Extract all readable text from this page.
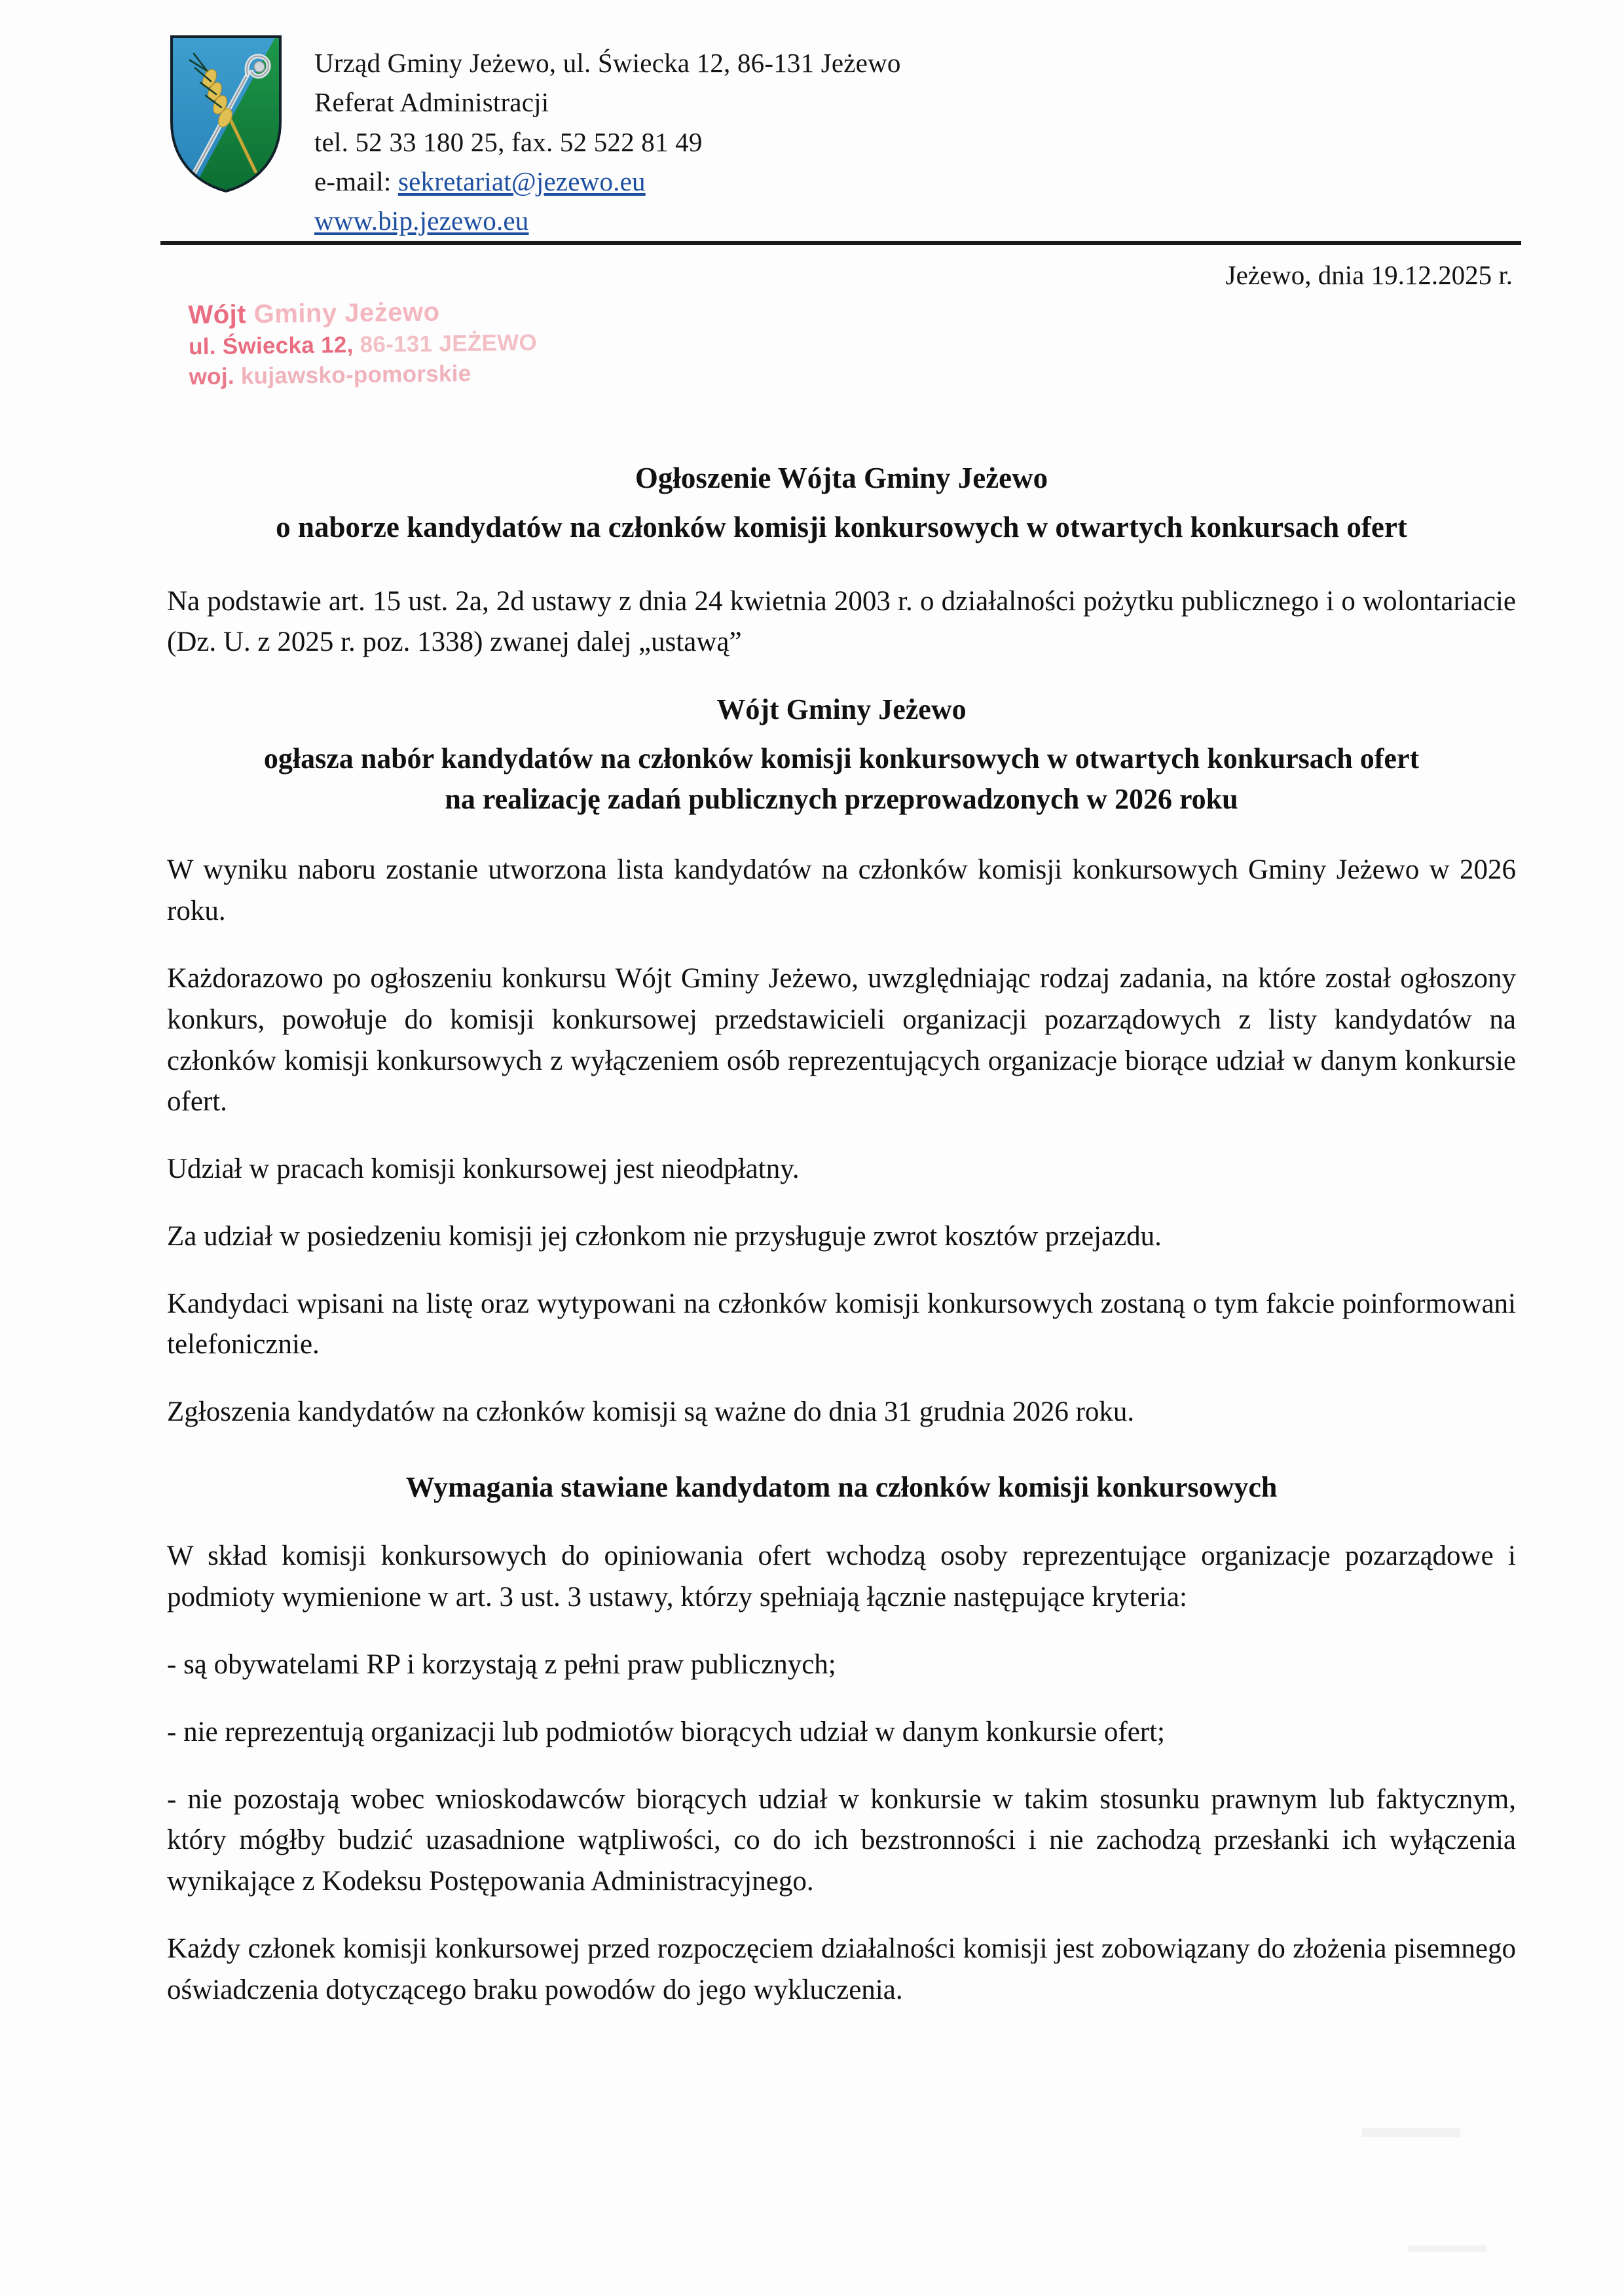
Urząd Gminy Jeżewo, ul. Świecka 12, 86-131 Jeżewo
Referat Administracji
tel. 52 33 180 25, fax. 52 522 81 49
e-mail: sekretariat@jezewo.eu
www.bip.jezewo.eu
Jeżewo, dnia 19.12.2025 r.
Wójt Gminy Jeżewo
ul. Świecka 12, 86-131 JEŻEWO
woj. kujawsko-pomorskie
Ogłoszenie Wójta Gminy Jeżewo
o naborze kandydatów na członków komisji konkursowych w otwartych konkursach ofert

Na podstawie art. 15 ust. 2a, 2d ustawy z dnia 24 kwietnia 2003 r. o działalności pożytku publicznego i o wolontariacie (Dz. U. z 2025 r. poz. 1338) zwanej dalej „ustawą”

Wójt Gminy Jeżewo
ogłasza nabór kandydatów na członków komisji konkursowych w otwartych konkursach ofert
na realizację zadań publicznych przeprowadzonych w 2026 roku

W wyniku naboru zostanie utworzona lista kandydatów na członków komisji konkursowych Gminy Jeżewo w 2026 roku.

Każdorazowo po ogłoszeniu konkursu Wójt Gminy Jeżewo, uwzględniając rodzaj zadania, na które został ogłoszony konkurs, powołuje do komisji konkursowej przedstawicieli organizacji pozarządowych z listy kandydatów na członków komisji konkursowych z wyłączeniem osób reprezentujących organizacje biorące udział w danym konkursie ofert.

Udział w pracach komisji konkursowej jest nieodpłatny.

Za udział w posiedzeniu komisji jej członkom nie przysługuje zwrot kosztów przejazdu.

Kandydaci wpisani na listę oraz wytypowani na członków komisji konkursowych zostaną o tym fakcie poinformowani telefonicznie.

Zgłoszenia kandydatów na członków komisji są ważne do dnia 31 grudnia 2026 roku.

Wymagania stawiane kandydatom na członków komisji konkursowych

W skład komisji konkursowych do opiniowania ofert wchodzą osoby reprezentujące organizacje pozarządowe i podmioty wymienione w art. 3 ust. 3 ustawy, którzy spełniają łącznie następujące kryteria:

- są obywatelami RP i korzystają z pełni praw publicznych;

- nie reprezentują organizacji lub podmiotów biorących udział w danym konkursie ofert;

- nie pozostają wobec wnioskodawców biorących udział w konkursie w takim stosunku prawnym lub faktycznym, który mógłby budzić uzasadnione wątpliwości, co do ich bezstronności i nie zachodzą przesłanki ich wyłączenia wynikające z Kodeksu Postępowania Administracyjnego.

Każdy członek komisji konkursowej przed rozpoczęciem działalności komisji jest zobowiązany do złożenia pisemnego oświadczenia dotyczącego braku powodów do jego wykluczenia.
